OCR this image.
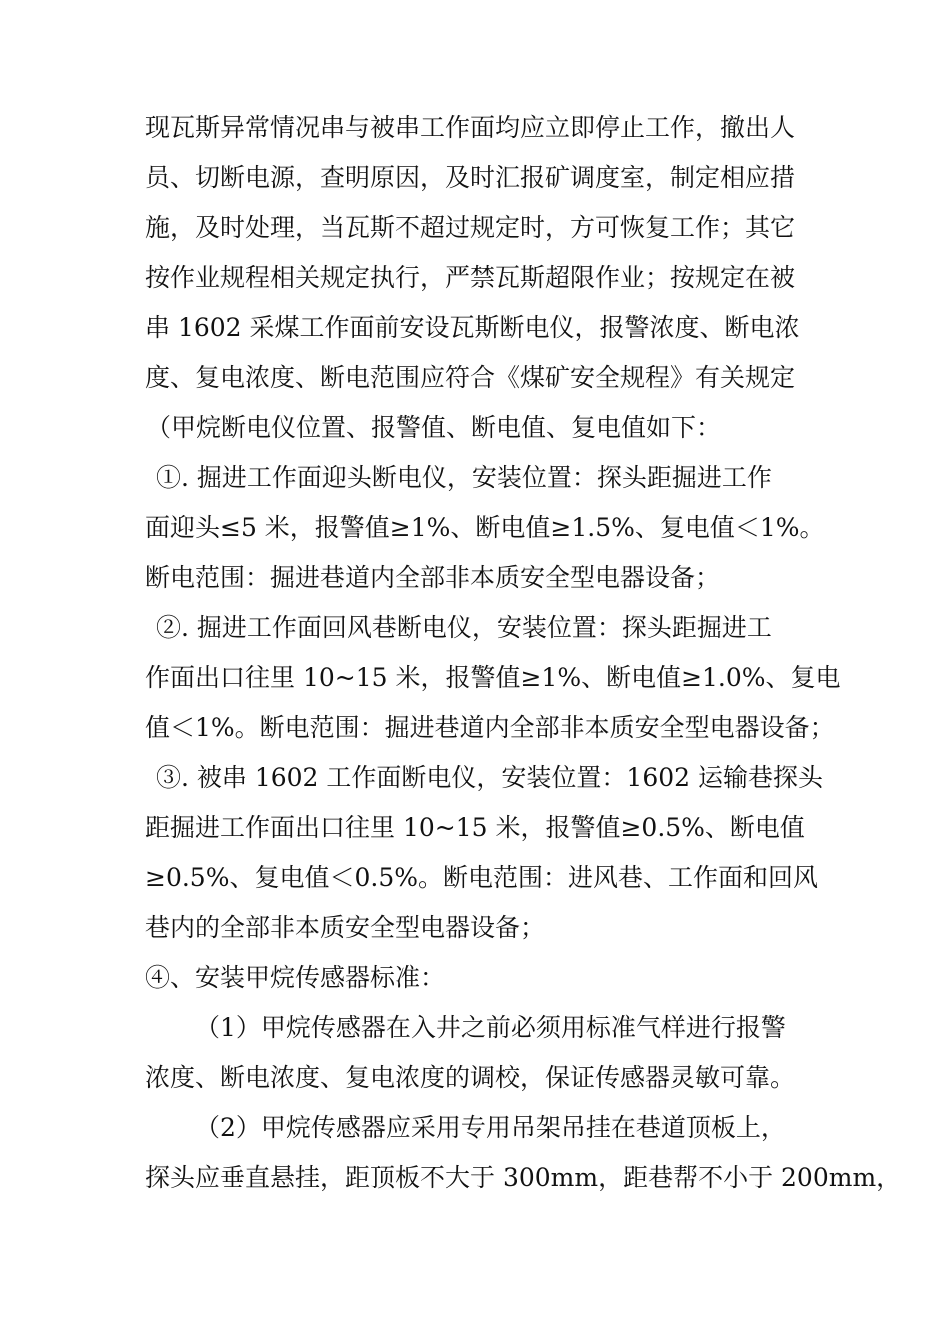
现瓦斯异常情况串与被串工作面均应立即停止工作，撤出人

员、切断电源，查明原因，及时汇报矿调度室，制定相应措

施，及时处理，当瓦斯不超过规定时，方可恢复工作；其它

按作业规程相关规定执行，严禁瓦斯超限作业；按规定在被

串 1602 采煤工作面前安设瓦斯断电仪，报警浓度、断电浓

度、复电浓度、断电范围应符合《煤矿安全规程》有关规定

（甲烷断电仪位置、报警值、断电值、复电值如下：

①. 掘进工作面迎头断电仪，安装位置：探头距掘进工作

面迎头≤5 米，报警值≥1%、断电值≥1.5%、复电值＜1%。

断电范围：掘进巷道内全部非本质安全型电器设备；

②. 掘进工作面回风巷断电仪，安装位置：探头距掘进工

作面出口往里 10~15 米，报警值≥1%、断电值≥1.0%、复电

值＜1%。断电范围：掘进巷道内全部非本质安全型电器设备；

③. 被串 1602 工作面断电仪，安装位置：1602 运输巷探头

距掘进工作面出口往里 10~15 米，报警值≥0.5%、断电值

≥0.5%、复电值＜0.5%。断电范围：进风巷、工作面和回风

巷内的全部非本质安全型电器设备；

④、安装甲烷传感器标准：

（1）甲烷传感器在入井之前必须用标准气样进行报警

浓度、断电浓度、复电浓度的调校，保证传感器灵敏可靠。

（2）甲烷传感器应采用专用吊架吊挂在巷道顶板上，

探头应垂直悬挂，距顶板不大于 300mm，距巷帮不小于 200mm，
